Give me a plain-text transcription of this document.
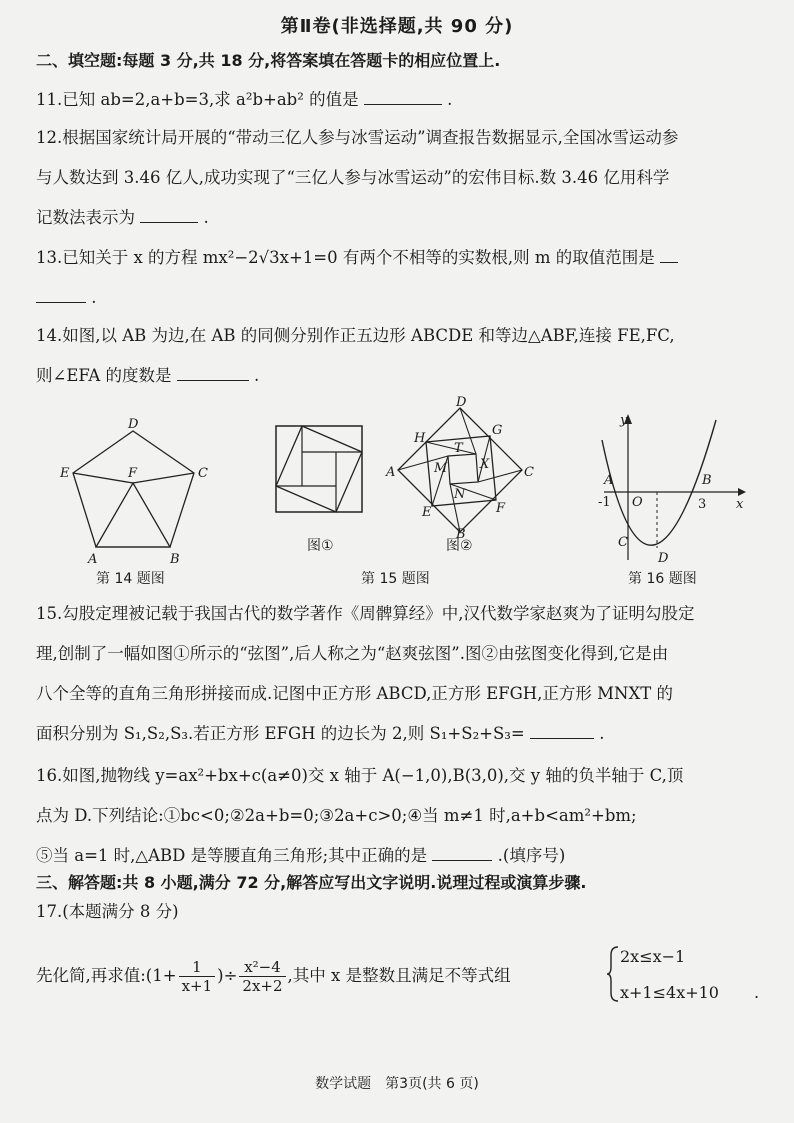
第Ⅱ卷(非选择题,共 90 分)
二、填空题:每题 3 分,共 18 分,将答案填在答题卡的相应位置上.
11.已知 ab=2,a+b=3,求 a²b+ab² 的值是	.
12.根据国家统计局开展的“带动三亿人参与冰雪运动”调查报告数据显示,全国冰雪运动参
与人数达到 3.46 亿人,成功实现了“三亿人参与冰雪运动”的宏伟目标.数 3.46 亿用科学
记数法表示为	.
13.已知关于 x 的方程 mx²−2√3x+1=0 有两个不相等的实数根,则 m 的取值范围是
.
14.如图,以 AB 为边,在 AB 的同侧分别作正五边形 ABCDE 和等边△ABF,连接 FE,FC,
则∠EFA 的度数是	.
D
E	F	C
A	B
图①
D
G
H
T
A	M	X
N
C
F
E
B
图②
y
x
A
-1 O	3
B
C
D
第 14 题图	第 15 题图	第 16 题图
15.勾股定理被记载于我国古代的数学著作《周髀算经》中,汉代数学家赵爽为了证明勾股定
理,创制了一幅如图①所示的“弦图”,后人称之为“赵爽弦图”.图②由弦图变化得到,它是由
八个全等的直角三角形拼接而成.记图中正方形 ABCD,正方形 EFGH,正方形 MNXT 的
面积分别为 S₁,S₂,S₃.若正方形 EFGH 的边长为 2,则 S₁+S₂+S₃=	.
16.如图,抛物线 y=ax²+bx+c(a≠0)交 x 轴于 A(−1,0),B(3,0),交 y 轴的负半轴于 C,顶
点为 D.下列结论:①bc<0;②2a+b=0;③2a+c>0;④当 m≠1 时,a+b<am²+bm;
⑤当 a=1 时,△ABD 是等腰直角三角形;其中正确的是	.(填序号)
三、解答题:共 8 小题,满分 72 分,解答应写出文字说明.说理过程或演算步骤.
17.(本题满分 8 分)
先化简,再求值:(1+ $\frac{1}{x+1}$ )÷ $\frac{\text{x²−4}}{2x+2}$ ,其中 x 是整数且满足不等式组
2x≤x−1
x+1≤4x+10 .
数学试题　第3页(共 6 页)
